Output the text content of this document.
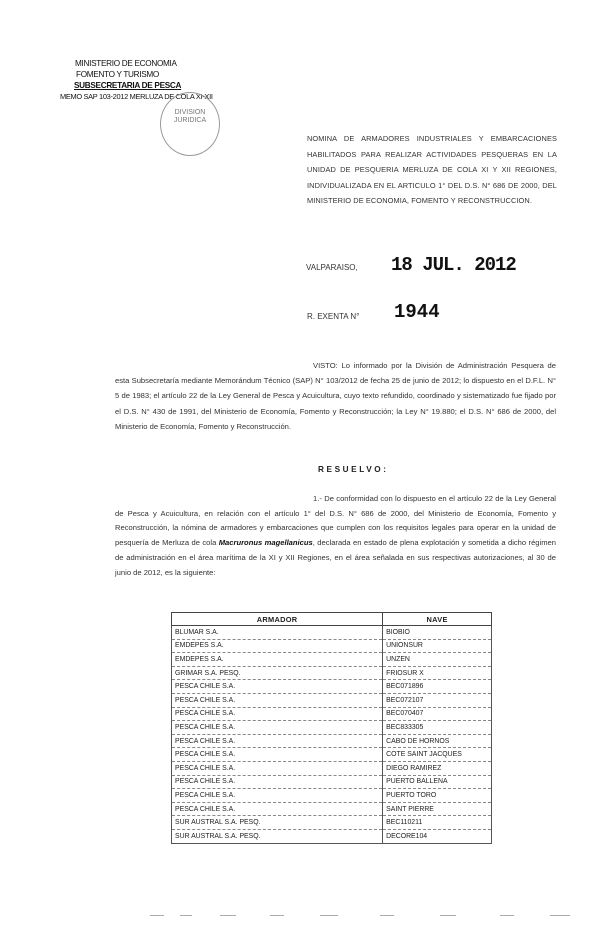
MINISTERIO DE ECONOMIA
FOMENTO Y TURISMO
SUBSECRETARIA DE PESCA
MEMO SAP 103-2012 MERLUZA DE COLA XI-XII
DIVISION
JURIDICA
NOMINA DE ARMADORES INDUSTRIALES Y EMBARCACIONES HABILITADOS PARA REALIZAR ACTIVIDADES PESQUERAS EN LA UNIDAD DE PESQUERIA MERLUZA DE COLA XI Y XII REGIONES, INDIVIDUALIZADA EN EL ARTICULO 1° DEL D.S. N° 686 DE 2000, DEL MINISTERIO DE ECONOMIA, FOMENTO Y RECONSTRUCCION.
VALPARAISO, 18 JUL. 2012
R. EXENTA N° 1944
VISTO: Lo informado por la División de Administración Pesquera de esta Subsecretaría mediante Memorándum Técnico (SAP) N° 103/2012 de fecha 25 de junio de 2012; lo dispuesto en el D.F.L. N° 5 de 1983; el artículo 22 de la Ley General de Pesca y Acuicultura, cuyo texto refundido, coordinado y sistematizado fue fijado por el D.S. N° 430 de 1991, del Ministerio de Economía, Fomento y Reconstrucción; la Ley N° 19.880; el D.S. N° 686 de 2000, del Ministerio de Economía, Fomento y Reconstrucción.
RESUELVO:
1.- De conformidad con lo dispuesto en el artículo 22 de la Ley General de Pesca y Acuicultura, en relación con el artículo 1° del D.S. N° 686 de 2000, del Ministerio de Economía, Fomento y Reconstrucción, la nómina de armadores y embarcaciones que cumplen con los requisitos legales para operar en la unidad de pesquería de Merluza de cola Macruronus magellanicus, declarada en estado de plena explotación y sometida a dicho régimen de administración en el área marítima de la XI y XII Regiones, en el área señalada en sus respectivas autorizaciones, al 30 de junio de 2012, es la siguiente:
ARMADOR	NAVE
BLUMAR S.A.	BIOBIO
EMDEPES S.A.	UNIONSUR
EMDEPES S.A.	UNZEN
GRIMAR S.A. PESQ.	FRIOSUR X
PESCA CHILE S.A.	BEC071896
PESCA CHILE S.A.	BEC072107
PESCA CHILE S.A.	BEC070407
PESCA CHILE S.A.	BEC833305
PESCA CHILE S.A.	CABO DE HORNOS
PESCA CHILE S.A.	COTE SAINT JACQUES
PESCA CHILE S.A.	DIEGO RAMIREZ
PESCA CHILE S.A.	PUERTO BALLENA
PESCA CHILE S.A.	PUERTO TORO
PESCA CHILE S.A.	SAINT PIERRE
SUR AUSTRAL S.A. PESQ.	BEC110211
SUR AUSTRAL S.A. PESQ.	DECORE104
